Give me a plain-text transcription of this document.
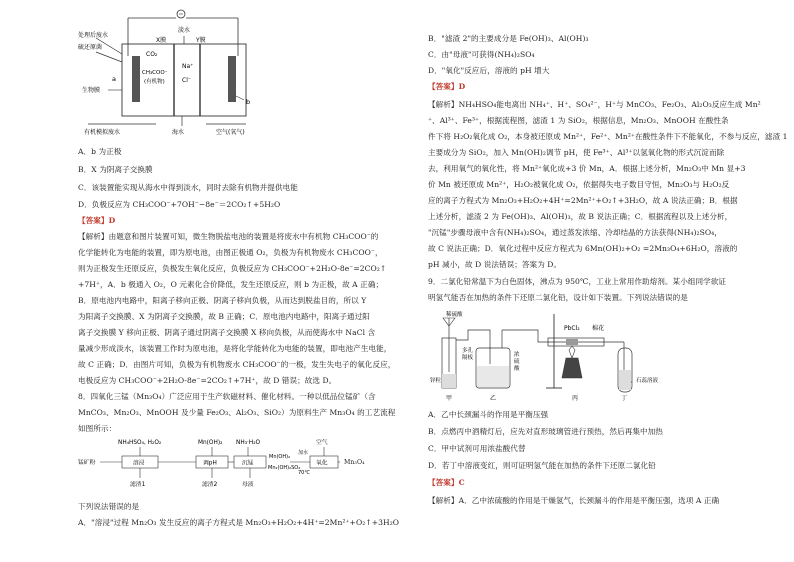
处理后废水
硫还原菌
a
X膜
淡水
Y膜
CO₂
生物膜
CH₃COO⁻
(有机物)
Na⁺
Cl⁻
b
有机模拟废水	海水	空气(氧气)
A．b 为正极
B．X 为阴离子交换膜
C．该装置能实现从海水中得到淡水，同时去除有机物并提供电能
D．负极反应为 CH₃COO⁻+7OH⁻−8e⁻＝2CO₂↑+5H₂O
【答案】D
【解析】由题意和图片装置可知，微生物脱盐电池的装置是将废水中有机物 CH₃COO⁻的
化学能转化为电能的装置，即为原电池，由图正极通 O₂，负极为有机物废水 CH₃COO⁻，
则为正极发生还原反应，负极发生氧化反应，负极反应为 CH₃COO⁻+2H₂O-8e⁻=2CO₂↑
+7H⁺，A．b 极通入 O₂，O 元素化合价降低，发生还原反应，则 b 为正极，故 A 正确；
B．原电池内电路中，阳离子移向正极、阴离子移向负极，从而达到脱盐目的，所以 Y
为阳离子交换膜、X 为阴离子交换膜，故 B 正确；C．原电池内电路中，阳离子通过阳
离子交换膜 Y 移向正极、阴离子通过阴离子交换膜 X 移向负极，从而使海水中 NaCl 含
量减少形成淡水，该装置工作时为原电池，是将化学能转化为电能的装置，即电池产生电能，
故 C 正确；D．由图片可知，负极为有机物废水 CH₃COO⁻的一极，发生失电子的氧化反应，
电极反应为 CH₃COO⁻+2H₂O-8e⁻=2CO₂↑+7H⁺，故 D 错误；故选 D。
8．四氧化三锰（Mn₃O₄）广泛应用于生产软磁材料、催化材料。一种以低品位锰矿（含
MnCO₃、Mn₂O₃、MnOOH 及少量 Fe₂O₃、Al₂O₃、SiO₂）为原料生产 Mn₃O₄ 的工艺流程
如图所示：
NH₄HSO₄, H₂O₂	Mn(OH)₂ NH₃·H₂O	空气
锰矿粉	溶浸	调pH	沉锰
Mn(OH)₂
Mn₂(OH)₂SO₄
加水
70℃
氧化
滤渣1	滤渣2	母液
Mn₃O₄
下列说法错误的是
A．"溶浸"过程 Mn₂O₃ 发生反应的离子方程式是 Mn₂O₃+H₂O₂+4H⁺=2Mn²⁺+O₂↑+3H₂O
B．"滤渣 2"的主要成分是 Fe(OH)₃、Al(OH)₃
C．由"母液"可获得(NH₄)₂SO₄
D．"氧化"反应后，溶液的 pH 增大
【答案】D
【解析】NH₄HSO₄能电离出 NH₄⁺、H⁺、SO₄²⁻，H⁺与 MnCO₃、Fe₂O₃、Al₂O₃反应生成 Mn²
⁺、Al³⁺、Fe³⁺，根据流程图，滤渣 1 为 SiO₂，根据信息，Mn₂O₃、MnOOH 在酸性条
件下将 H₂O₂氧化成 O₂，本身被还原成 Mn²⁺，Fe²⁺、Mn²⁺在酸性条件下不能氧化，不参与反应，滤渣 1
主要成分为 SiO₂，加入 Mn(OH)₂调节 pH，使 Fe³⁺、Al³⁺以氢氧化物的形式沉淀而除
去，利用氧气的氧化性，将 Mn²⁺氧化成+3 价 Mn，A．根据上述分析，Mn₂O₃中 Mn 显+3
价 Mn 被还原成 Mn²⁺，H₂O₂被氧化成 O₂，依据得失电子数目守恒，Mn₂O₃与 H₂O₂反
应的离子方程式为 Mn₂O₃+H₂O₂+4H⁺=2Mn²⁺+O₂↑+3H₂O，故 A 说法正确；B．根据
上述分析，滤渣 2 为 Fe(OH)₃、Al(OH)₃，故 B 说法正确；C．根据流程以及上述分析，
"沉锰"步骤母液中含有(NH₄)₂SO₄，通过蒸发浓缩、冷却结晶的方法获得(NH₄)₂SO₄，
故 C 说法正确；D．氧化过程中反应方程式为 6Mn(OH)₂+O₂ =2Mn₃O₄+6H₂O，溶液的
pH 减小，故 D 说法错误；答案为 D。
9．二氯化铅常温下为白色固体，沸点为 950℃，工业上常用作助熔剂。某小组同学欲证
明氢气能否在加热的条件下还原二氯化铅，设计如下装置。下列说法错误的是
稀硫酸
锌粒
多孔
隔板
甲
浓
硫
酸
乙
PbCl₂ 棉花
丙
石蕊溶液
丁
A．乙中长颈漏斗的作用是平衡压强
B．点燃丙中酒精灯后，应先对直形玻璃管进行预热，然后再集中加热
C．甲中试剂可用浓盐酸代替
D．若丁中溶液变红，则可证明氢气能在加热的条件下还原二氯化铅
【答案】C
【解析】A．乙中浓硫酸的作用是干燥氢气，长颈漏斗的作用是平衡压强，选项 A 正确
